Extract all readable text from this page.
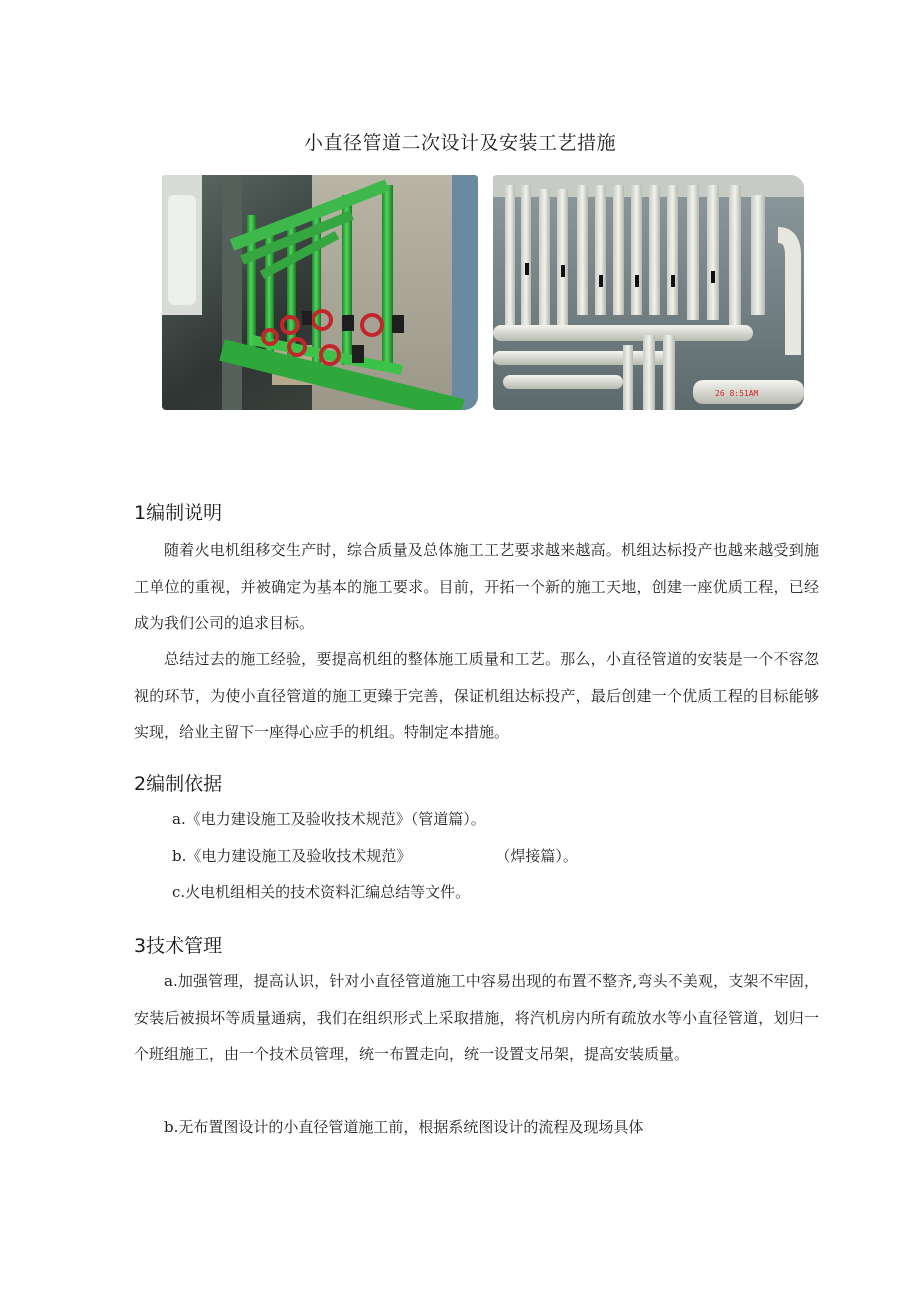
小直径管道二次设计及安装工艺措施
26 8:51AM
1编制说明
随着火电机组移交生产时，综合质量及总体施工工艺要求越来越高。机组达标投产也越来越受到施工单位的重视，并被确定为基本的施工要求。目前，开拓一个新的施工天地，创建一座优质工程，已经成为我们公司的追求目标。
总结过去的施工经验，要提高机组的整体施工质量和工艺。那么，小直径管道的安装是一个不容忽视的环节，为使小直径管道的施工更臻于完善，保证机组达标投产，最后创建一个优质工程的目标能够实现，给业主留下一座得心应手的机组。特制定本措施。
2编制依据
a.《电力建设施工及验收技术规范》（管道篇）。
b.《电力建设施工及验收技术规范》	（焊接篇）。
c.火电机组相关的技术资料汇编总结等文件。
3技术管理
a.加强管理，提高认识，针对小直径管道施工中容易出现的布置不整齐,弯头不美观，支架不牢固，安装后被损坏等质量通病，我们在组织形式上采取措施，将汽机房内所有疏放水等小直径管道，划归一个班组施工，由一个技术员管理，统一布置走向，统一设置支吊架，提高安装质量。
b.无布置图设计的小直径管道施工前，根据系统图设计的流程及现场具体
